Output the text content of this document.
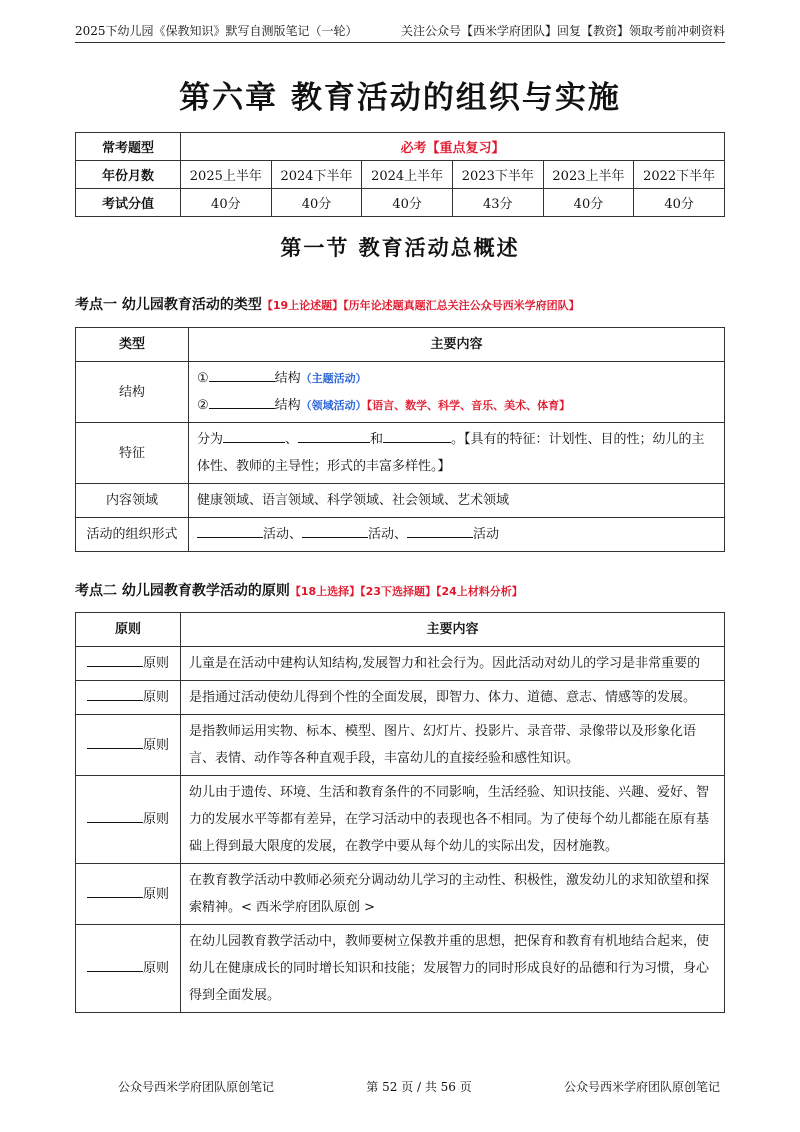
2025下幼儿园《保教知识》默写自测版笔记（一轮）	关注公众号【西米学府团队】回复【教资】领取考前冲刺资料
第六章 教育活动的组织与实施
常考题型	必考【重点复习】					
年份月数	2025上半年	2024下半年	2024上半年	2023下半年	2023上半年	2022下半年
考试分值	40分	40分	40分	43分	40分	40分
第一节 教育活动总概述
考点一 幼儿园教育活动的类型【19上论述题】【历年论述题真题汇总关注公众号西米学府团队】
类型	主要内容
结构	① 结构（主题活动）
② 结构（领域活动）【语言、数学、科学、音乐、美术、体育】

特征	分为 、 和 。【具有的特征：计划性、目的性；幼儿的主体性、教师的主导性；形式的丰富多样性。】
内容领域	健康领域、语言领域、科学领域、社会领域、艺术领域
活动的组织形式	活动、 活动、 活动
考点二 幼儿园教育教学活动的原则【18上选择】【23下选择题】【24上材料分析】
原则	主要内容
原则	儿童是在活动中建构认知结构,发展智力和社会行为。因此活动对幼儿的学习是非常重要的
原则	是指通过活动使幼儿得到个性的全面发展，即智力、体力、道德、意志、情感等的发展。
原则	是指教师运用实物、标本、模型、图片、幻灯片、投影片、录音带、录像带以及形象化语言、表情、动作等各种直观手段，丰富幼儿的直接经验和感性知识。
原则	幼儿由于遗传、环境、生活和教育条件的不同影响，生活经验、知识技能、兴趣、爱好、智力的发展水平等都有差异，在学习活动中的表现也各不相同。为了使每个幼儿都能在原有基础上得到最大限度的发展，在教学中要从每个幼儿的实际出发，因材施教。
原则	在教育教学活动中教师必须充分调动幼儿学习的主动性、积极性，激发幼儿的求知欲望和探索精神。< 西米学府团队原创 >
原则	在幼儿园教育教学活动中，教师要树立保教并重的思想，把保育和教育有机地结合起来，使幼儿在健康成长的同时增长知识和技能；发展智力的同时形成良好的品德和行为习惯，身心得到全面发展。
公众号西米学府团队原创笔记	第 52 页 / 共 56 页	公众号西米学府团队原创笔记
